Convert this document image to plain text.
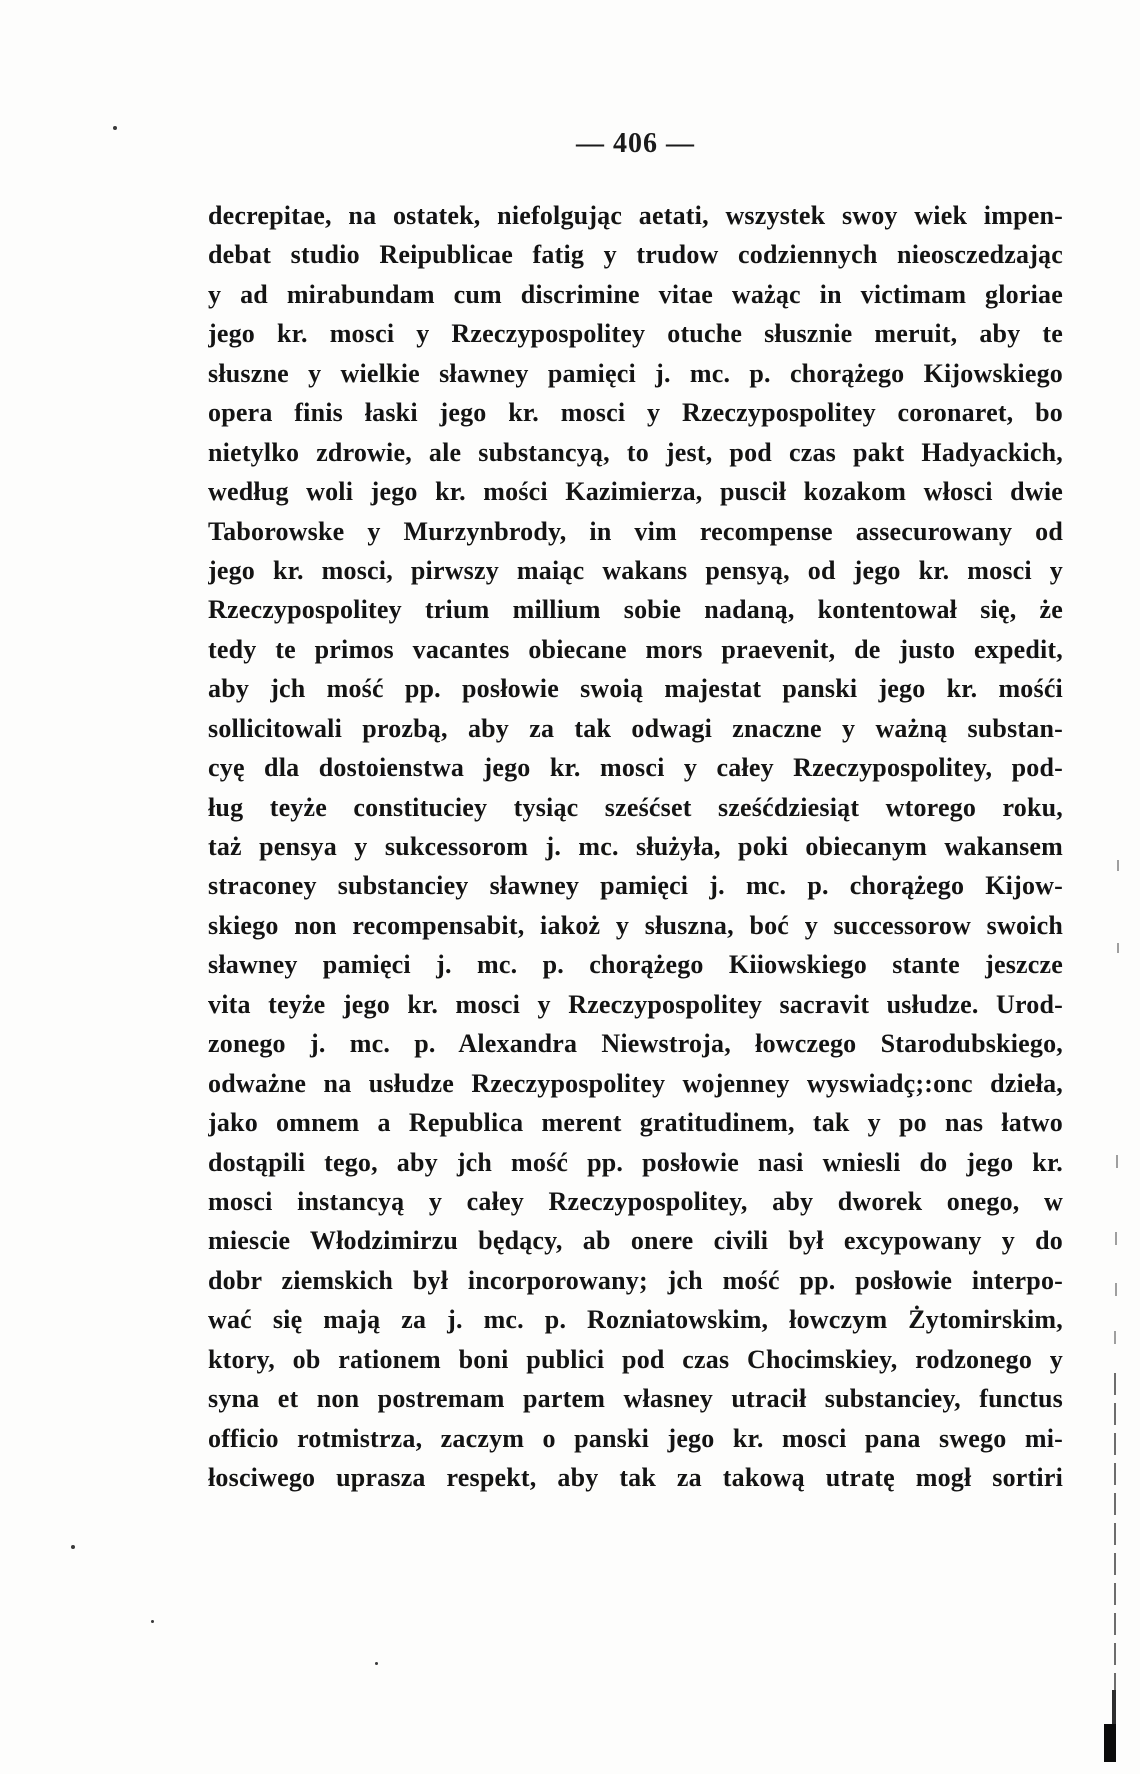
— 406 —
decrepitae, na ostatek, niefolgując aetati, wszystek swoy wiek impen-
debat studio Reipublicae fatig y trudow codziennych nieosczedzając
y ad mirabundam cum discrimine vitae ważąc in victimam gloriae
jego kr. mosci y Rzeczypospolitey otuche słusznie meruit, aby te
słuszne y wielkie sławney pamięci j. mc. p. chorążego Kijowskiego
opera finis łaski jego kr. mosci y Rzeczypospolitey coronaret, bo
nietylko zdrowie, ale substancyą, to jest, pod czas pakt Hadyackich,
według woli jego kr. mości Kazimierza, puscił kozakom włosci dwie
Taborowske y Murzynbrody, in vim recompense assecurowany od
jego kr. mosci, pirwszy maiąc wakans pensyą, od jego kr. mosci y
Rzeczypospolitey trium millium sobie nadaną, kontentował się, że
tedy te primos vacantes obiecane mors praevenit, de justo expedit,
aby jch mość pp. posłowie swoią majestat panski jego kr. mośći
sollicitowali prozbą, aby za tak odwagi znaczne y ważną substan-
cyę dla dostoienstwa jego kr. mosci y całey Rzeczypospolitey, pod-
ług teyże constituciey tysiąc sześćset sześćdziesiąt wtorego roku,
taż pensya y sukcessorom j. mc. służyła, poki obiecanym wakansem
straconey substanciey sławney pamięci j. mc. p. chorążego Kijow-
skiego non recompensabit, iakoż y słuszna, boć y successorow swoich
sławney pamięci j. mc. p. chorążego Kiiowskiego stante jeszcze
vita teyże jego kr. mosci y Rzeczypospolitey sacravit usłudze. Urod-
zonego j. mc. p. Alexandra Niewstroja, łowczego Starodubskiego,
odważne na usłudze Rzeczypospolitey wojenney wyswiadç;:onc dzieła,
jako omnem a Republica merent gratitudinem, tak y po nas łatwo
dostąpili tego, aby jch mość pp. posłowie nasi wniesli do jego kr.
mosci instancyą y całey Rzeczypospolitey, aby dworek onego, w
miescie Włodzimirzu będący, ab onere civili był excypowany y do
dobr ziemskich był incorporowany; jch mość pp. posłowie interpo-
wać się mają za j. mc. p. Rozniatowskim, łowczym Żytomirskim,
ktory, ob rationem boni publici pod czas Chocimskiey, rodzonego y
syna et non postremam partem własney utracił substanciey, functus
officio rotmistrza, zaczym o panski jego kr. mosci pana swego mi-
łosciwego uprasza respekt, aby tak za takową utratę mogł sortiri
